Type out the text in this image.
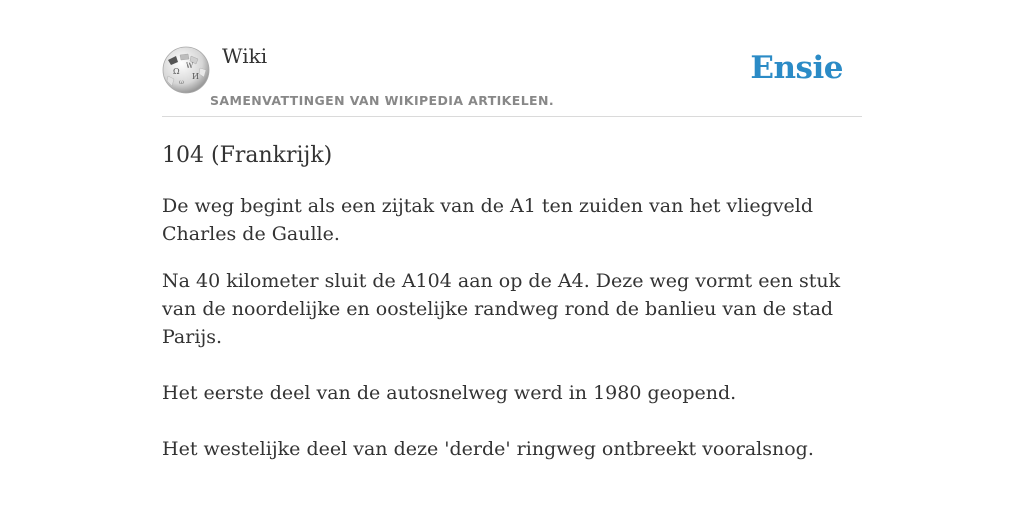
Ω
W
И
ω
Wiki
SAMENVATTINGEN VAN WIKIPEDIA ARTIKELEN.
Ensie
104 (Frankrijk)

De weg begint als een zijtak van de A1 ten zuiden van het vliegveld Charles de Gaulle.

Na 40 kilometer sluit de A104 aan op de A4. Deze weg vormt een stuk van de noordelijke en oostelijke randweg rond de banlieu van de stad Parijs.

Het eerste deel van de autosnelweg werd in 1980 geopend.

Het westelijke deel van deze 'derde' ringweg ontbreekt vooralsnog.
